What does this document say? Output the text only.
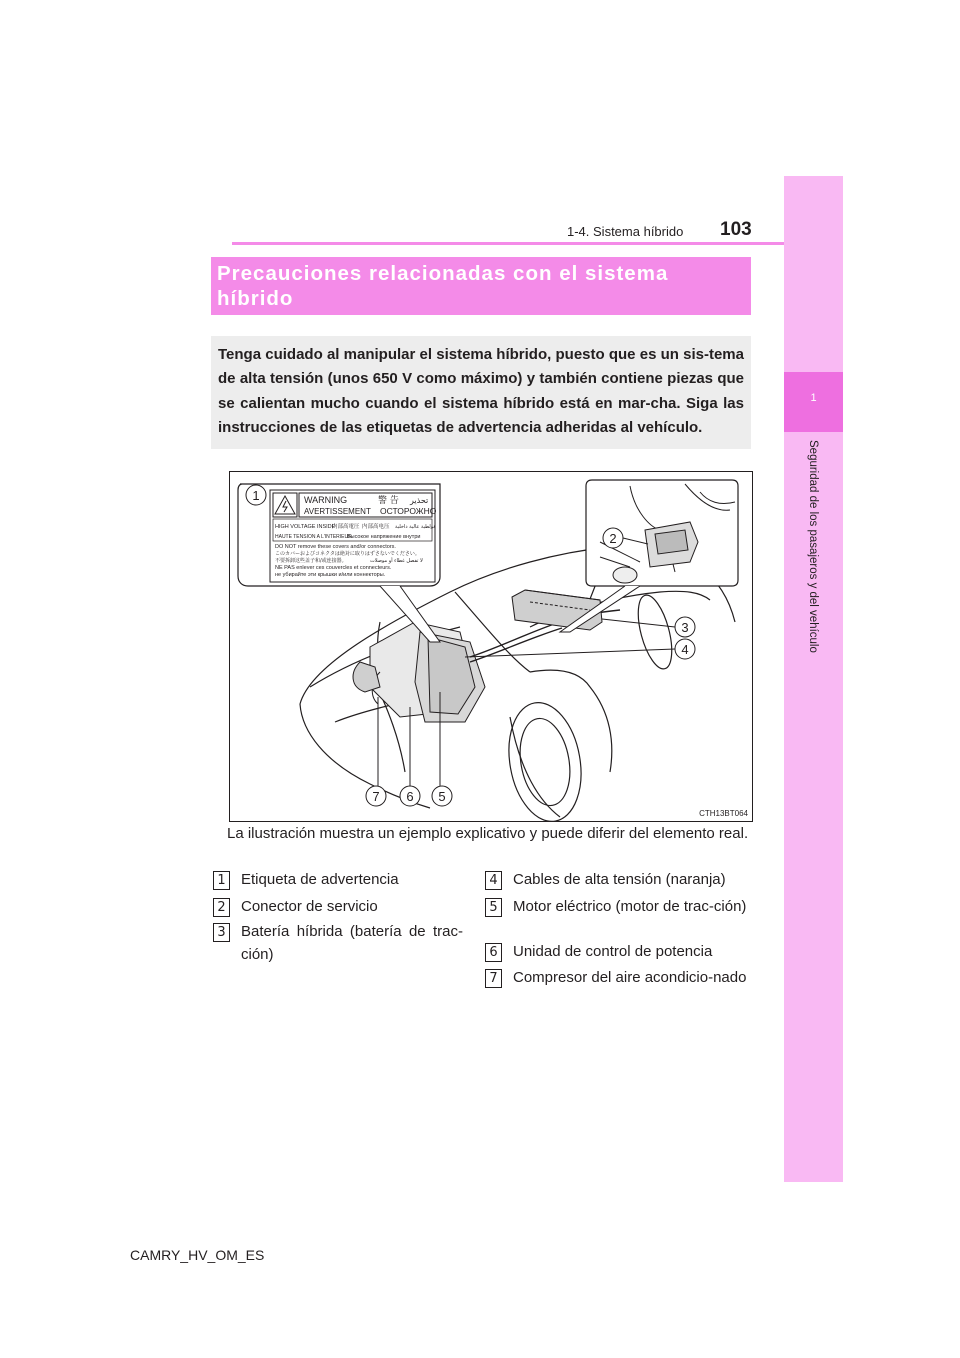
1
Seguridad de los pasajeros y del vehículo
1-4. Sistema híbrido 103
Precauciones relacionadas con el sistema híbrido

Tenga cuidado al manipular el sistema híbrido, puesto que es un sis-tema de alta tensión (unos 650 V como máximo) y también contiene piezas que se calientan mucho cuando el sistema híbrido está en mar-cha. Siga las instrucciones de las etiquetas de advertencia adheridas al vehículo.

WARNING	警 告 تحذير
AVERTISSEMENT ОСТОРОЖНО
HIGH VOLTAGE INSIDE
内部高電圧 内部高电压 فولطية عالية داخلية
HAUTE TENSION A L'INTERIEUR
Высокое напряжение внутри
DO NOT remove these covers and/or connectors.
このカバーおよびコネクタは絶対に取りはずさないでください。
不要拆卸这些盖子和/或连接器。	لا تفصل غطاء أو موصلات
NE PAS enlever ces couvercles et connecteurs.
не убирайте эти крышки и/или коннекторы.
1
2
3
4
5
6
7
CTH13BT064
La ilustración muestra un ejemplo explicativo y puede diferir del elemento real.
1 Etiqueta de advertencia
2 Conector de servicio
3 Batería híbrida (batería de trac-ción)
4 Cables de alta tensión (naranja)
5 Motor eléctrico (motor de trac-ción)
6 Unidad de control de potencia
7 Compresor del aire acondicio-nado
CAMRY_HV_OM_ES
